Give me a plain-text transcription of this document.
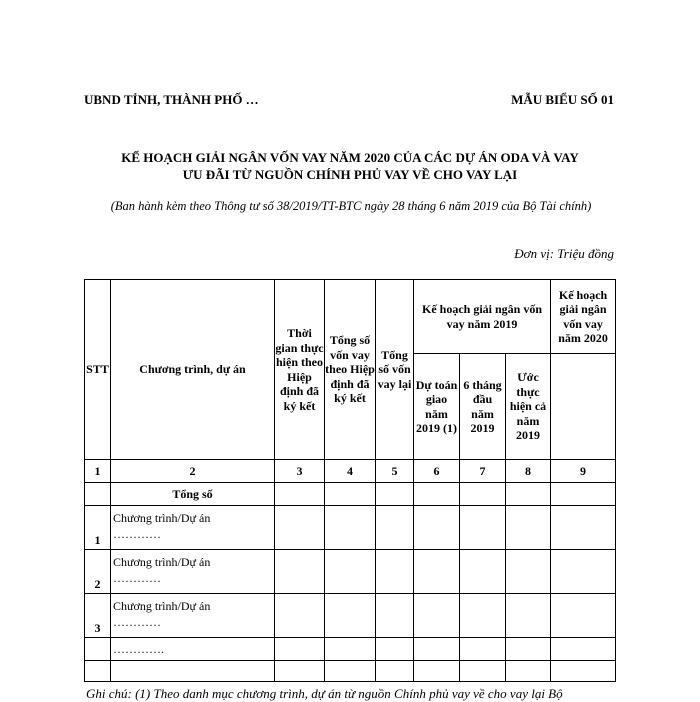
UBND TỈNH, THÀNH PHỐ …	MẪU BIỂU SỐ 01
KẾ HOẠCH GIẢI NGÂN VỐN VAY NĂM 2020 CỦA CÁC DỰ ÁN ODA VÀ VAY
ƯU ĐÃI TỪ NGUỒN CHÍNH PHỦ VAY VỀ CHO VAY LẠI
(Ban hành kèm theo Thông tư số 38/2019/TT-BTC ngày 28 tháng 6 năm 2019 của Bộ Tài chính)
Đơn vị: Triệu đồng
STT	Chương trình, dự án	Thời gian thực hiện theo Hiệp định đã ký kết	Tổng số vốn vay theo Hiệp định đã ký kết	Tổng số vốn vay lại	Kế hoạch giải ngân vốn vay năm 2019			Kế hoạch giải ngân vốn vay năm 2020
					Dự toán giao năm 2019 (1)	6 tháng đầu năm 2019	Ước thực hiện cả năm 2019	
1	2	3	4	5	6	7	8	9
	Tổng số							
1	Chương trình/Dự án
…………							

2	Chương trình/Dự án
…………							

3	Chương trình/Dự án
…………							

	………….							

Ghi chú: (1) Theo danh mục chương trình, dự án từ nguồn Chính phủ vay về cho vay lại Bộ
